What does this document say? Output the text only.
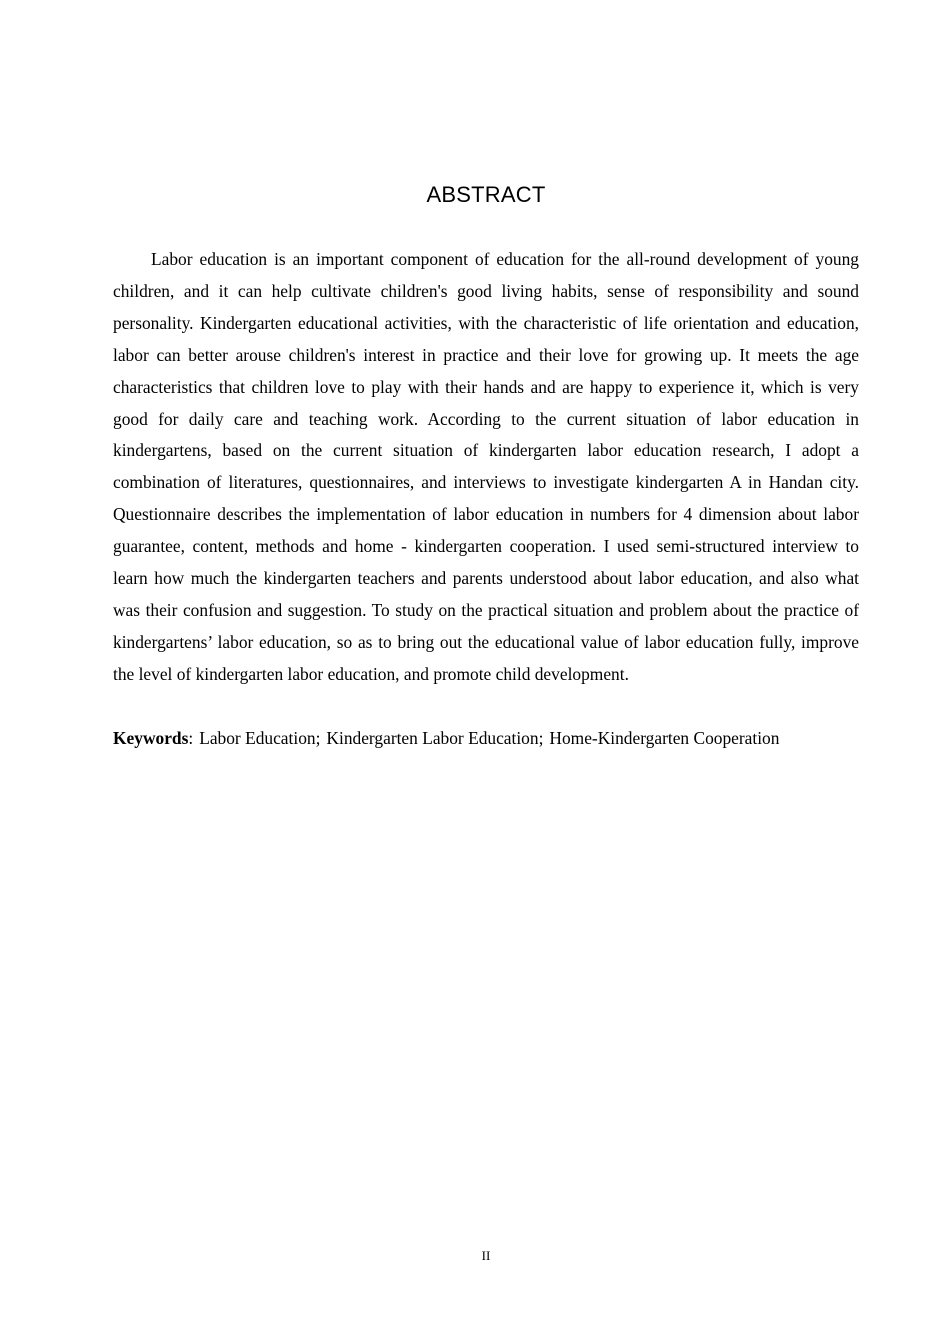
ABSTRACT

Labor education is an important component of education for the all-round development of young children, and it can help cultivate children's good living habits, sense of responsibility and sound personality. Kindergarten educational activities, with the characteristic of life orientation and education, labor can better arouse children's interest in practice and their love for growing up. It meets the age characteristics that children love to play with their hands and are happy to experience it, which is very good for daily care and teaching work. According to the current situation of labor education in kindergartens, based on the current situation of kindergarten labor education research, I adopt a combination of literatures, questionnaires, and interviews to investigate kindergarten A in Handan city. Questionnaire describes the implementation of labor education in numbers for 4 dimension about labor guarantee, content, methods and home - kindergarten cooperation. I used semi-structured interview to learn how much the kindergarten teachers and parents understood about labor education, and also what was their confusion and suggestion. To study on the practical situation and problem about the practice of kindergartens’ labor education, so as to bring out the educational value of labor education fully, improve the level of kindergarten labor education, and promote child development.

Keywords: Labor Education; Kindergarten Labor Education; Home-Kindergarten Cooperation

II
